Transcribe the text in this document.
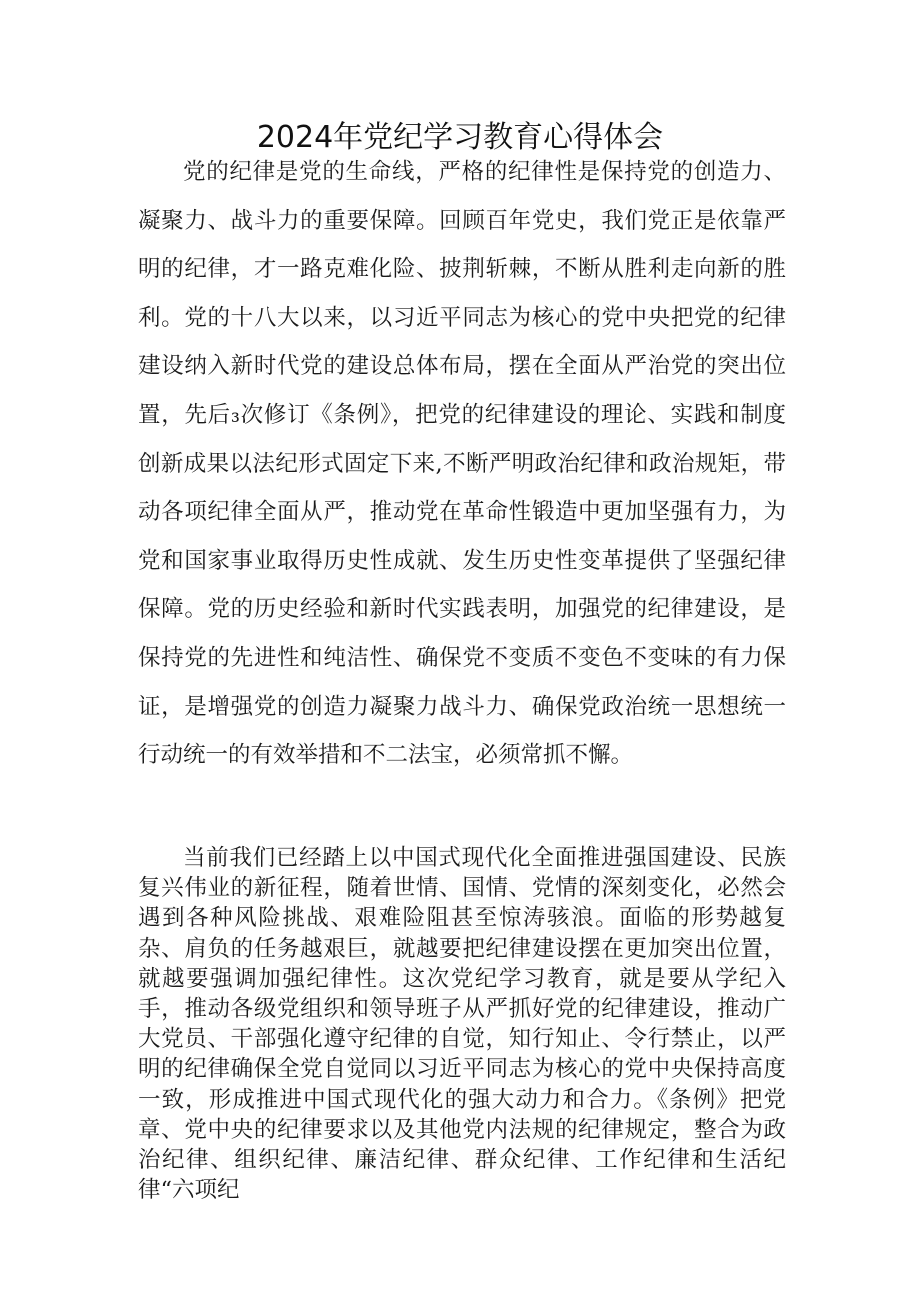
2024年党纪学习教育心得体会

党的纪律是党的生命线，严格的纪律性是保持党的创造力、凝聚力、战斗力的重要保障。回顾百年党史，我们党正是依靠严明的纪律，才一路克难化险、披荆斩棘，不断从胜利走向新的胜利。党的十八大以来，以习近平同志为核心的党中央把党的纪律建设纳入新时代党的建设总体布局，摆在全面从严治党的突出位置，先后₃次修订《条例》，把党的纪律建设的理论、实践和制度创新成果以法纪形式固定下来,不断严明政治纪律和政治规矩，带动各项纪律全面从严，推动党在革命性锻造中更加坚强有力，为党和国家事业取得历史性成就、发生历史性变革提供了坚强纪律保障。党的历史经验和新时代实践表明，加强党的纪律建设，是保持党的先进性和纯洁性、确保党不变质不变色不变味的有力保证，是增强党的创造力凝聚力战斗力、确保党政治统一思想统一行动统一的有效举措和不二法宝，必须常抓不懈。

当前我们已经踏上以中国式现代化全面推进强国建设、民族复兴伟业的新征程，随着世情、国情、党情的深刻变化，必然会遇到各种风险挑战、艰难险阻甚至惊涛骇浪。面临的形势越复杂、肩负的任务越艰巨，就越要把纪律建设摆在更加突出位置，就越要强调加强纪律性。这次党纪学习教育，就是要从学纪入手，推动各级党组织和领导班子从严抓好党的纪律建设，推动广大党员、干部强化遵守纪律的自觉，知行知止、令行禁止，以严明的纪律确保全党自觉同以习近平同志为核心的党中央保持高度一致，形成推进中国式现代化的强大动力和合力。《条例》把党章、党中央的纪律要求以及其他党内法规的纪律规定，整合为政治纪律、组织纪律、廉洁纪律、群众纪律、工作纪律和生活纪律“六项纪
